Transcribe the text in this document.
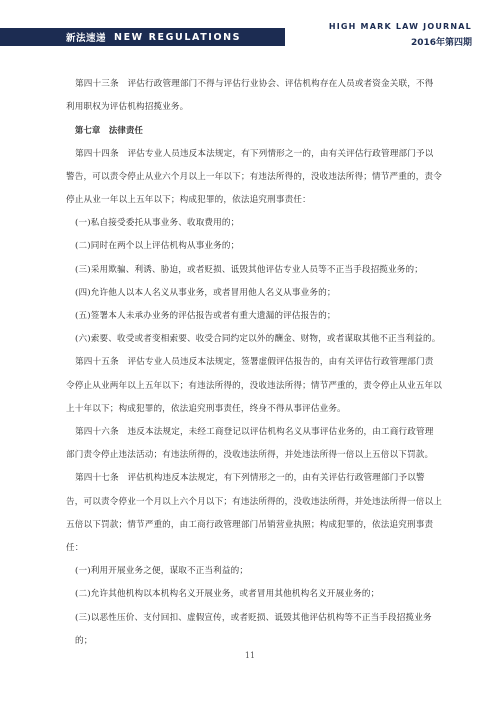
新法速递 NEW REGULATIONS
HIGH MARK LAW JOURNAL
2016年第四期

第四十三条　评估行政管理部门不得与评估行业协会、评估机构存在人员或者资金关联，不得利用职权为评估机构招揽业务。

第七章　法律责任

第四十四条　评估专业人员违反本法规定，有下列情形之一的，由有关评估行政管理部门予以警告，可以责令停止从业六个月以上一年以下；有违法所得的，没收违法所得；情节严重的，责令停止从业一年以上五年以下；构成犯罪的，依法追究刑事责任：

(一)私自接受委托从事业务、收取费用的；

(二)同时在两个以上评估机构从事业务的；

(三)采用欺骗、利诱、胁迫，或者贬损、诋毁其他评估专业人员等不正当手段招揽业务的；

(四)允许他人以本人名义从事业务，或者冒用他人名义从事业务的；

(五)签署本人未承办业务的评估报告或者有重大遗漏的评估报告的；

(六)索要、收受或者变相索要、收受合同约定以外的酬金、财物，或者谋取其他不正当利益的。

第四十五条　评估专业人员违反本法规定，签署虚假评估报告的，由有关评估行政管理部门责令停止从业两年以上五年以下；有违法所得的，没收违法所得；情节严重的，责令停止从业五年以上十年以下；构成犯罪的，依法追究刑事责任，终身不得从事评估业务。

第四十六条　违反本法规定，未经工商登记以评估机构名义从事评估业务的，由工商行政管理部门责令停止违法活动；有违法所得的，没收违法所得，并处违法所得一倍以上五倍以下罚款。

第四十七条　评估机构违反本法规定，有下列情形之一的，由有关评估行政管理部门予以警告，可以责令停业一个月以上六个月以下；有违法所得的，没收违法所得，并处违法所得一倍以上五倍以下罚款；情节严重的，由工商行政管理部门吊销营业执照；构成犯罪的，依法追究刑事责任：

(一)利用开展业务之便，谋取不正当利益的；

(二)允许其他机构以本机构名义开展业务，或者冒用其他机构名义开展业务的；

(三)以恶性压价、支付回扣、虚假宣传，或者贬损、诋毁其他评估机构等不正当手段招揽业务的；

11
